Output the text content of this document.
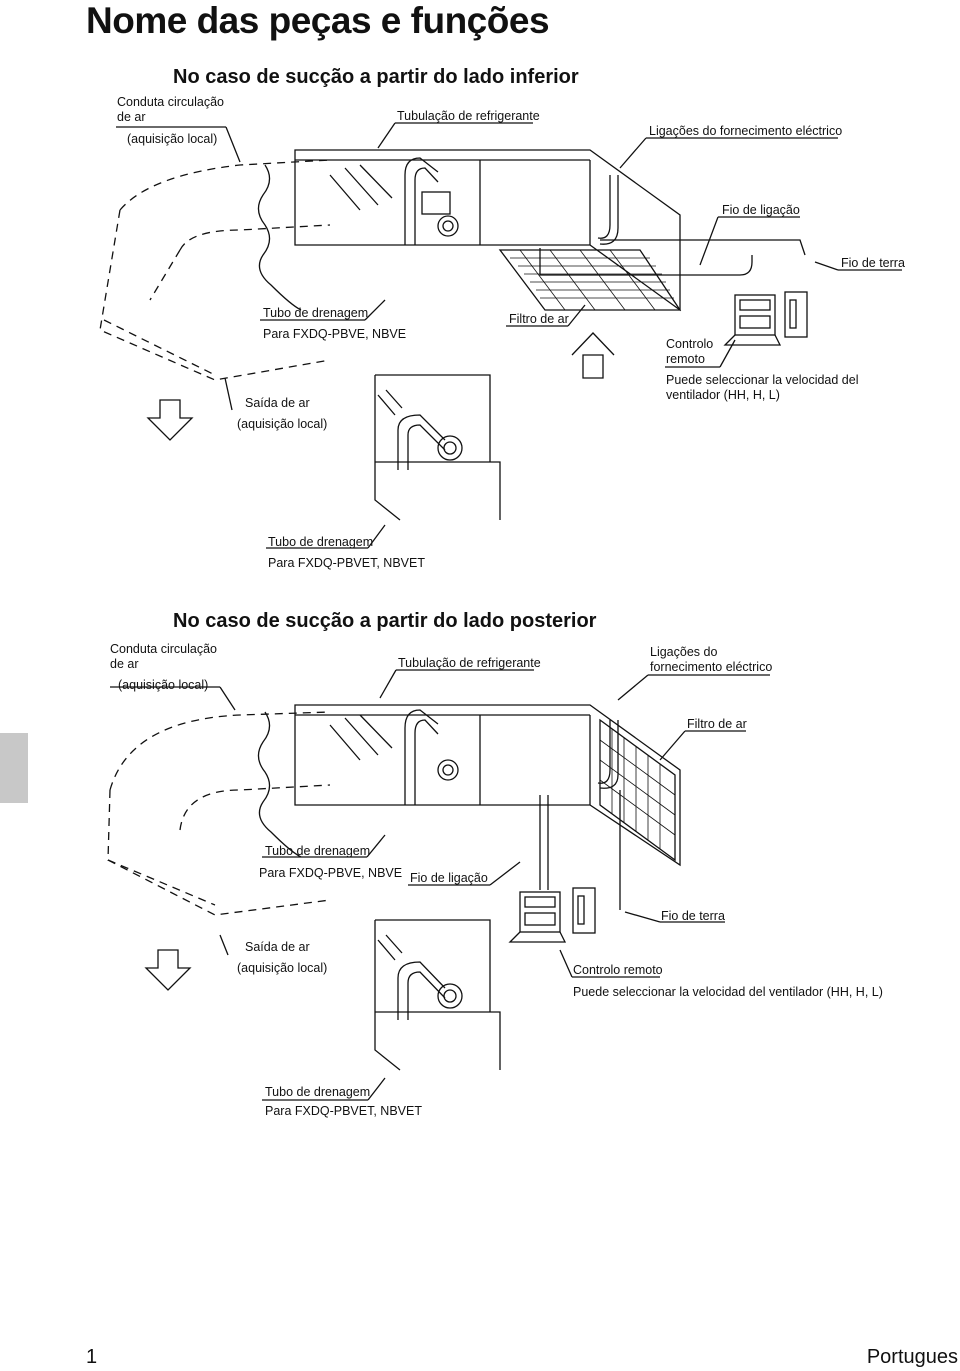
Nome das peças e funções
No caso de sucção a partir do lado inferior
Conduta circulação
de ar
(aquisição local)
Tubulação de refrigerante
Ligações do fornecimento eléctrico
Fio de ligação
Fio de terra
Tubo de drenagem
Para FXDQ-PBVE, NBVE
Filtro de ar
Controlo
remoto
Puede seleccionar la velocidad del
ventilador (HH, H, L)
Saída de ar
(aquisição local)
Tubo de drenagem
Para FXDQ-PBVET, NBVET
No caso de sucção a partir do lado posterior
Conduta circulação
de ar
(aquisição local)
Tubulação de refrigerante
Ligações do
fornecimento eléctrico
Filtro de ar
Tubo de drenagem
Para FXDQ-PBVE, NBVE Fio de ligação
Fio de terra
Saída de ar
(aquisição local)	Controlo remoto
Puede seleccionar la velocidad del ventilador (HH, H, L)
Tubo de drenagem
Para FXDQ-PBVET, NBVET
1	Portugues
